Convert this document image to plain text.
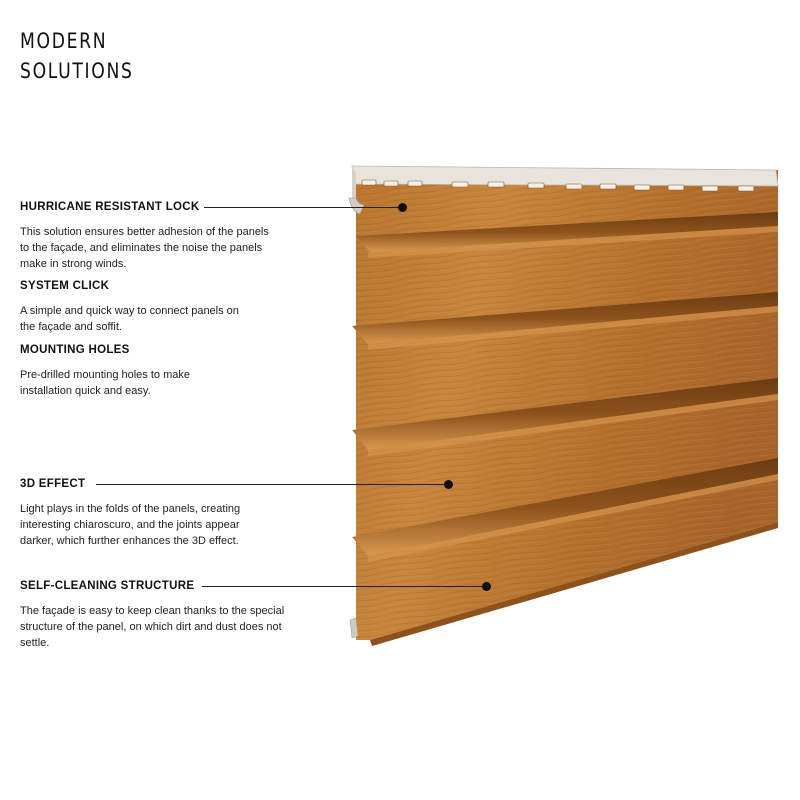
MODERN
SOLUTIONS
HURRICANE RESISTANT LOCK

This solution ensures better adhesion of the panels to the façade, and eliminates the noise the panels make in strong winds.

SYSTEM CLICK

A simple and quick way to connect panels on the façade and soffit.

MOUNTING HOLES

Pre-drilled mounting holes to make installation quick and easy.

3D EFFECT

Light plays in the folds of the panels, creating interesting chiaroscuro, and the joints appear darker, which further enhances the 3D effect.

SELF-CLEANING STRUCTURE

The façade is easy to keep clean thanks to the special structure of the panel, on which dirt and dust does not settle.
